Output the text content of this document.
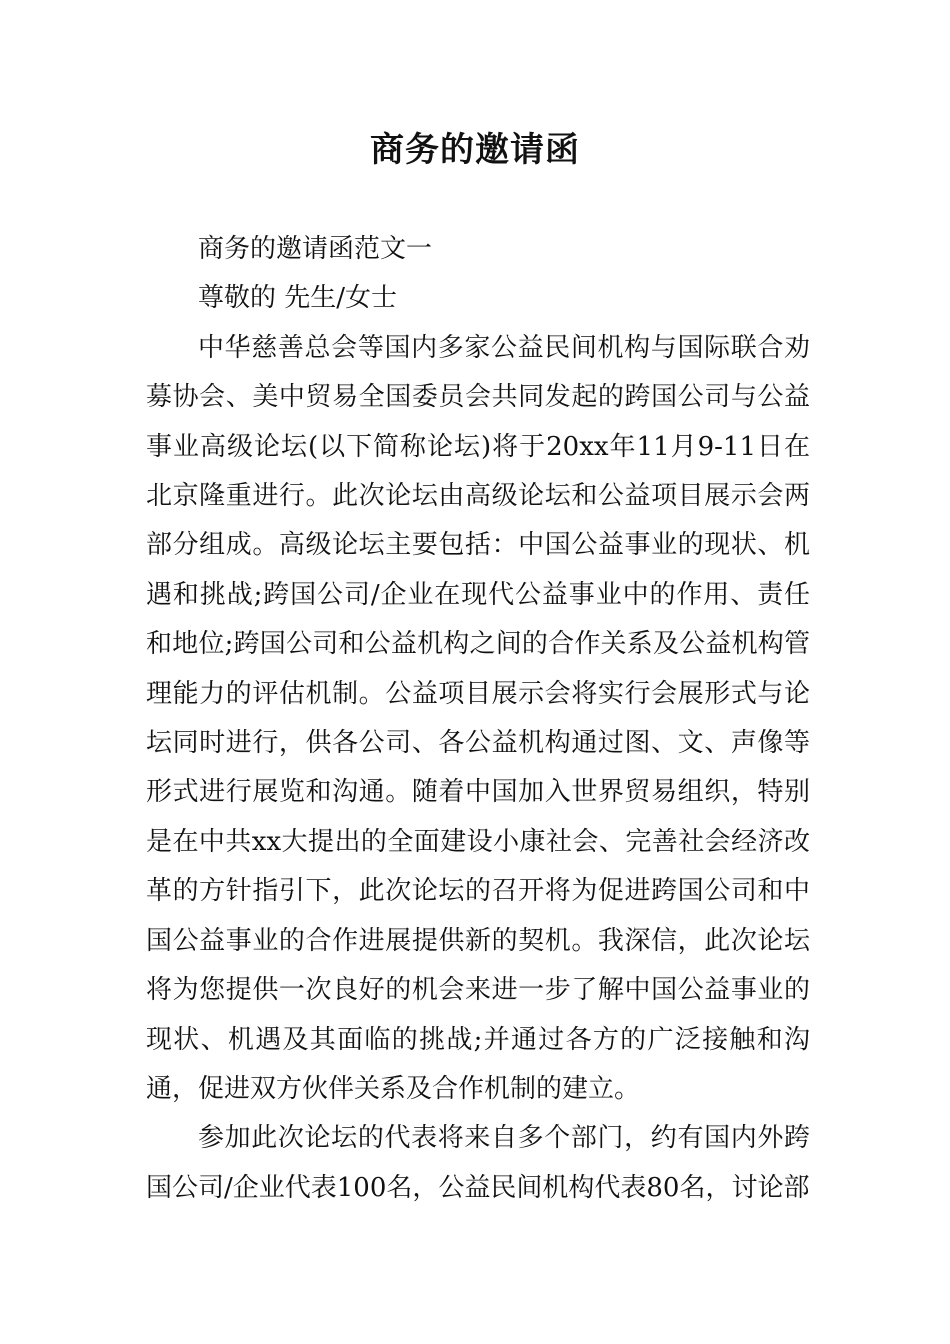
商务的邀请函

商务的邀请函范文一

尊敬的 先生/女士

中华慈善总会等国内多家公益民间机构与国际联合劝募协会、美中贸易全国委员会共同发起的跨国公司与公益事业高级论坛(以下简称论坛)将于20xx年11月9-11日在北京隆重进行。此次论坛由高级论坛和公益项目展示会两部分组成。高级论坛主要包括：中国公益事业的现状、机遇和挑战;跨国公司/企业在现代公益事业中的作用、责任和地位;跨国公司和公益机构之间的合作关系及公益机构管理能力的评估机制。公益项目展示会将实行会展形式与论坛同时进行，供各公司、各公益机构通过图、文、声像等形式进行展览和沟通。随着中国加入世界贸易组织，特别是在中共xx大提出的全面建设小康社会、完善社会经济改革的方针指引下，此次论坛的召开将为促进跨国公司和中国公益事业的合作进展提供新的契机。我深信，此次论坛将为您提供一次良好的机会来进一步了解中国公益事业的现状、机遇及其面临的挑战;并通过各方的广泛接触和沟通，促进双方伙伴关系及合作机制的建立。

参加此次论坛的代表将来自多个部门，约有国内外跨国公司/企业代表100名，公益民间机构代表80名，讨论部
